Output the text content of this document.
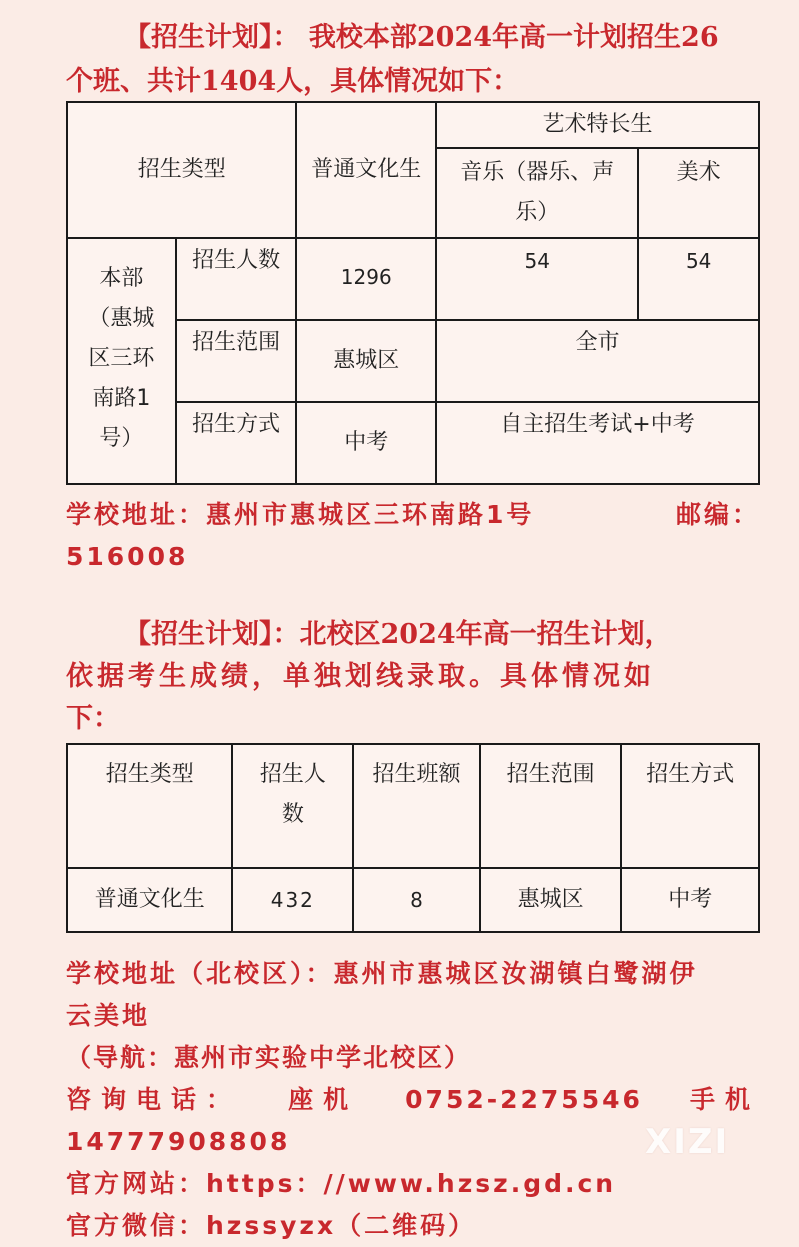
【招生计划】： 我校本部2024年高一计划招生26
个班、共计1404人，具体情况如下：

招生类型		普通文化生	艺术特长生	
			音乐（器乐、声乐）	美术
本部（惠城区三环南路1号）	招生人数	1296	54	54
	招生范围	惠城区	全市	
	招生方式	中考	自主招生考试+中考	
学校地址：惠州市惠城区三环南路1号	邮编：
516008

【招生计划】：北校区2024年高一招生计划，
依据考生成绩，单独划线录取。具体情况如
下：

招生类型	招生人数	招生班额	招生范围	招生方式
普通文化生	432	8	惠城区	中考
学校地址（北校区）：惠州市惠城区汝湖镇白鹭湖伊
云美地
（导航：惠州市实验中学北校区）
咨询电话： 座机 0752-2275546 手机
14777908808
官方网站：https：//www.hzsz.gd.cn
官方微信：hzssyzx（二维码）
XIZI
